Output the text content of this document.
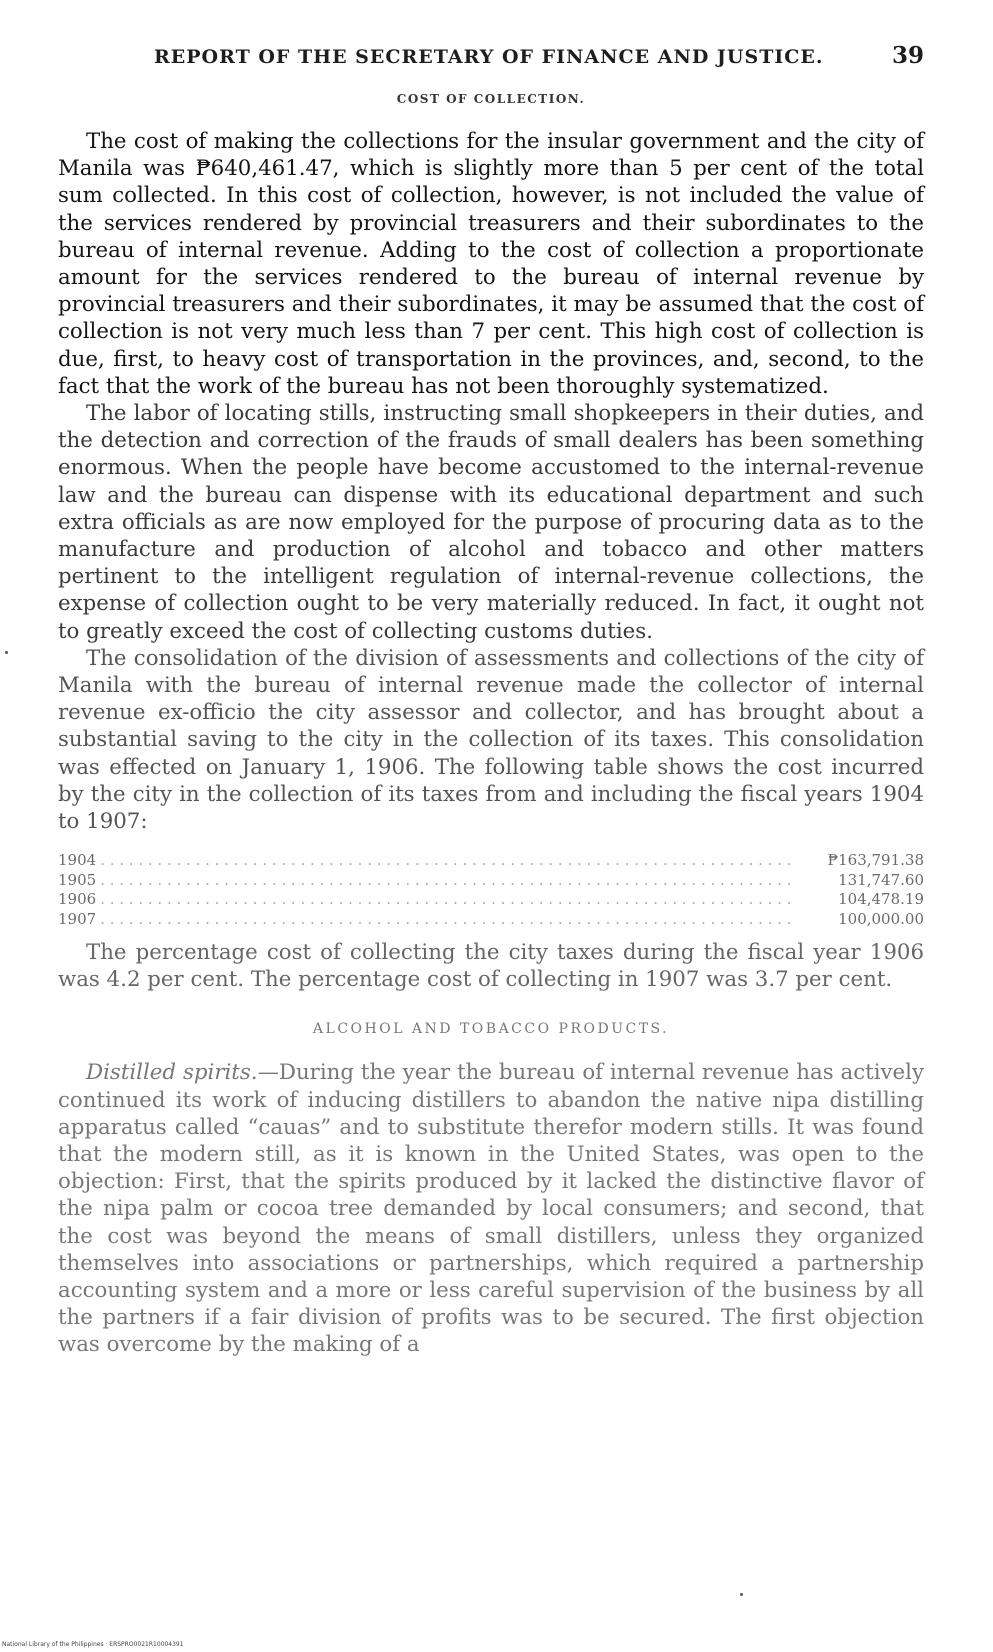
REPORT OF THE SECRETARY OF FINANCE AND JUSTICE.	39
COST OF COLLECTION.

The cost of making the collections for the insular government and the city of Manila was ₱640,461.47, which is slightly more than 5 per cent of the total sum collected. In this cost of collection, however, is not included the value of the services rendered by provincial treasurers and their subordinates to the bureau of internal revenue. Adding to the cost of collection a proportionate amount for the services rendered to the bureau of internal revenue by provincial treasurers and their subordinates, it may be assumed that the cost of collection is not very much less than 7 per cent. This high cost of collection is due, first, to heavy cost of transportation in the provinces, and, second, to the fact that the work of the bureau has not been thoroughly systematized.

The labor of locating stills, instructing small shopkeepers in their duties, and the detection and correction of the frauds of small dealers has been something enormous. When the people have become accustomed to the internal-revenue law and the bureau can dispense with its educational department and such extra officials as are now employed for the purpose of procuring data as to the manufacture and production of alcohol and tobacco and other matters pertinent to the intelligent regulation of internal-revenue collections, the expense of collection ought to be very materially reduced. In fact, it ought not to greatly exceed the cost of collecting customs duties.

The consolidation of the division of assessments and collections of the city of Manila with the bureau of internal revenue made the collector of internal revenue ex-officio the city assessor and collector, and has brought about a substantial saving to the city in the collection of its taxes. This consolidation was effected on January 1, 1906. The following table shows the cost incurred by the city in the collection of its taxes from and including the fiscal years 1904 to 1907:

1904 . . .	₱163,791.38
1905 . . .	131,747.60
1906 . . .	104,478.19
1907 . . .	100,000.00

The percentage cost of collecting the city taxes during the fiscal year 1906 was 4.2 per cent. The percentage cost of collecting in 1907 was 3.7 per cent.

ALCOHOL AND TOBACCO PRODUCTS.

Distilled spirits.—During the year the bureau of internal revenue has actively continued its work of inducing distillers to abandon the native nipa distilling apparatus called “cauas” and to substitute therefor modern stills. It was found that the modern still, as it is known in the United States, was open to the objection: First, that the spirits produced by it lacked the distinctive flavor of the nipa palm or cocoa tree demanded by local consumers; and second, that the cost was beyond the means of small distillers, unless they organized themselves into associations or partnerships, which required a partnership accounting system and a more or less careful supervision of the business by all the partners if a fair division of profits was to be secured. The first objection was overcome by the making of a

National Library of the Philippines · ERSPRO0021R10004391
